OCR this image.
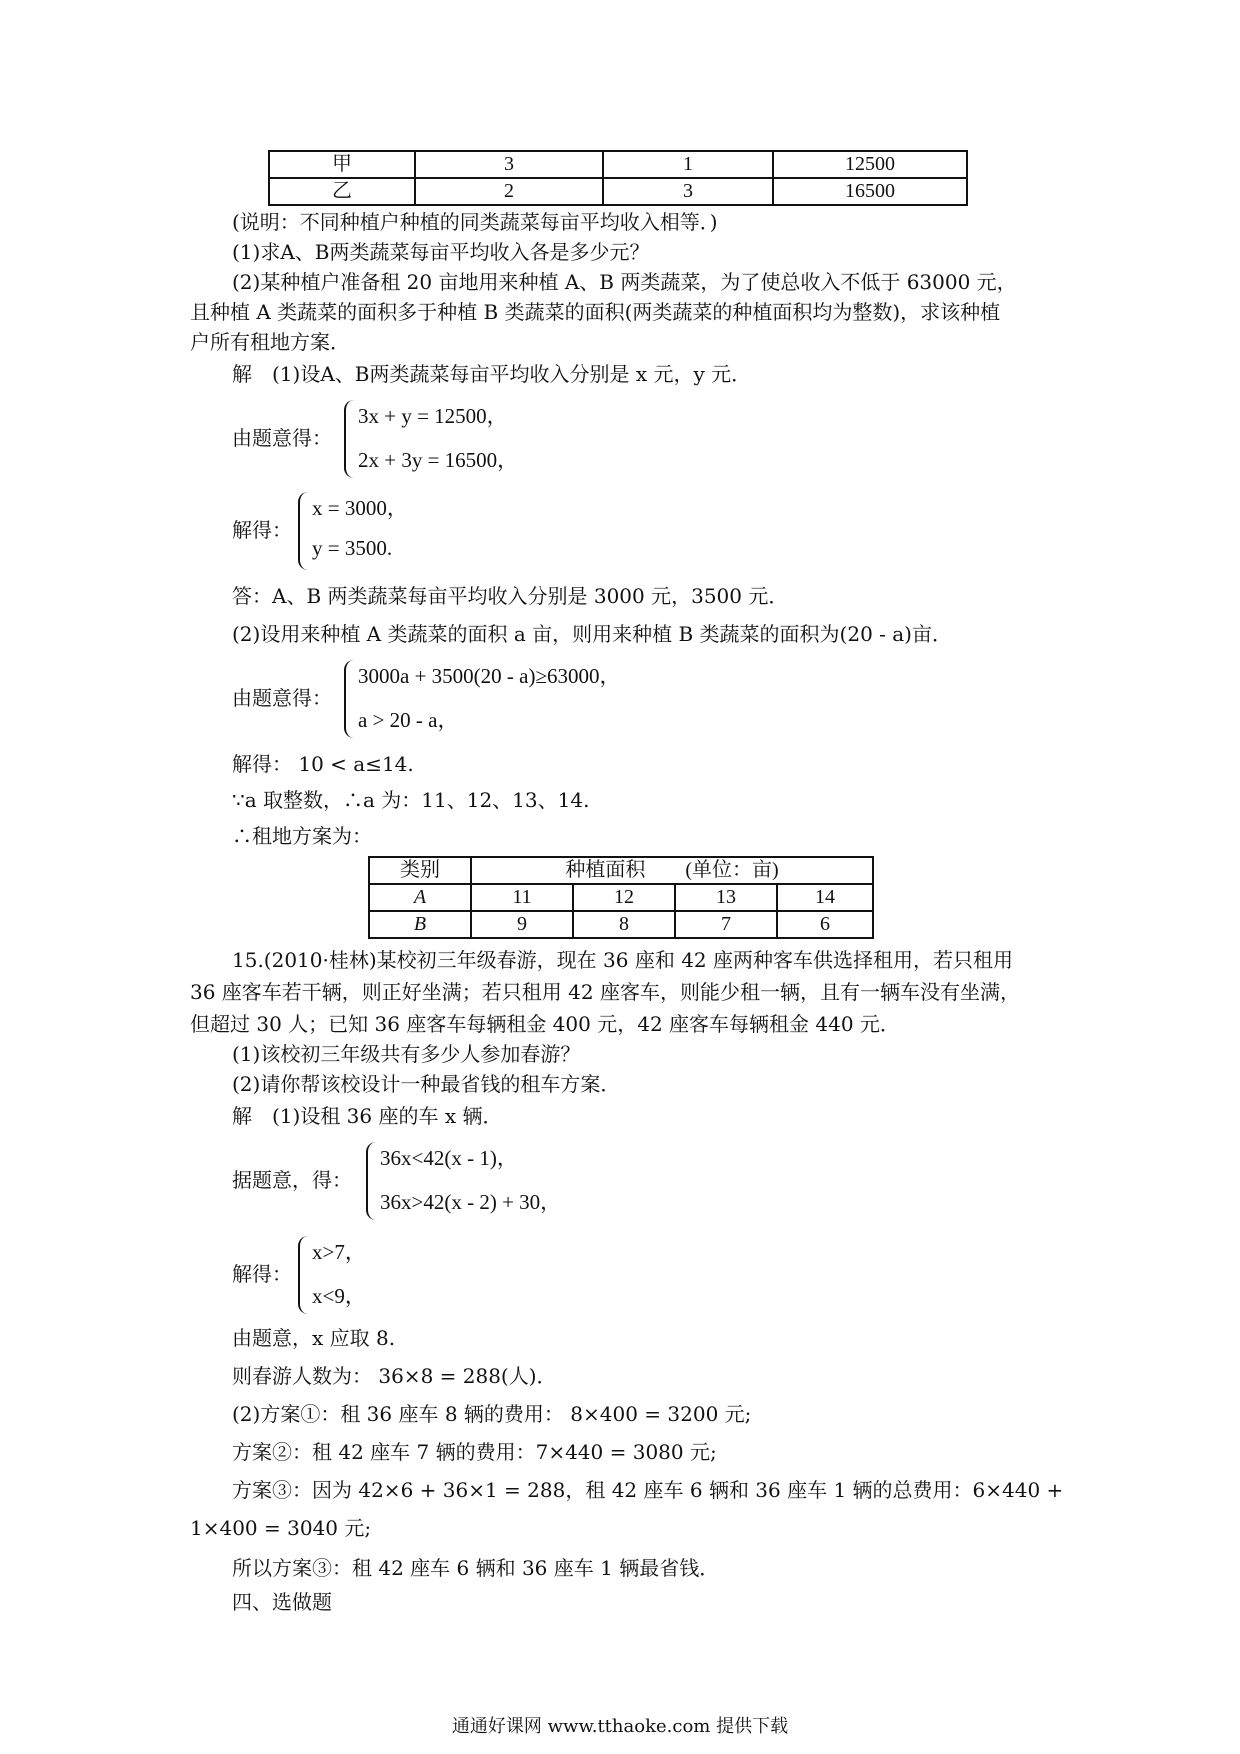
甲	3	1	12500
乙	2	3	16500
(说明：不同种植户种植的同类蔬菜每亩平均收入相等．)
(1)求A、B两类蔬菜每亩平均收入各是多少元？
(2)某种植户准备租 20 亩地用来种植 A、B 两类蔬菜，为了使总收入不低于 63000 元，
且种植 A 类蔬菜的面积多于种植 B 类蔬菜的面积(两类蔬菜的种植面积均为整数)，求该种植
户所有租地方案．
解　(1)设A、B两类蔬菜每亩平均收入分别是 x 元，y 元．
由题意得：
3x + y = 12500，
2x + 3y = 16500，
解得：
x = 3000，
y = 3500.
答：A、B 两类蔬菜每亩平均收入分别是 3000 元，3500 元．
(2)设用来种植 A 类蔬菜的面积 a 亩，则用来种植 B 类蔬菜的面积为(20 - a)亩．
由题意得：
3000a + 3500(20 - a)≥63000，
a > 20 - a，
解得： 10 < a≤14.
∵a 取整数，∴a 为：11、12、13、14.
∴租地方案为：
类别	种植面积　　(单位：亩)			
A	11	12	13	14
B	9	8	7	6
15.(2010·桂林)某校初三年级春游，现在 36 座和 42 座两种客车供选择租用，若只租用
36 座客车若干辆，则正好坐满；若只租用 42 座客车，则能少租一辆，且有一辆车没有坐满，
但超过 30 人；已知 36 座客车每辆租金 400 元，42 座客车每辆租金 440 元．
(1)该校初三年级共有多少人参加春游？
(2)请你帮该校设计一种最省钱的租车方案．
解　(1)设租 36 座的车 x 辆．
据题意，得：
36x<42(x - 1)，
36x>42(x - 2) + 30，
解得：
x>7，
x<9，
由题意，x 应取 8.
则春游人数为： 36×8 = 288(人)．
(2)方案①：租 36 座车 8 辆的费用： 8×400 = 3200 元;
方案②：租 42 座车 7 辆的费用：7×440 = 3080 元;
方案③：因为 42×6 + 36×1 = 288，租 42 座车 6 辆和 36 座车 1 辆的总费用：6×440 +
1×400 = 3040 元;
所以方案③：租 42 座车 6 辆和 36 座车 1 辆最省钱．
四、选做题
通通好课网 www.tthaoke.com 提供下载
